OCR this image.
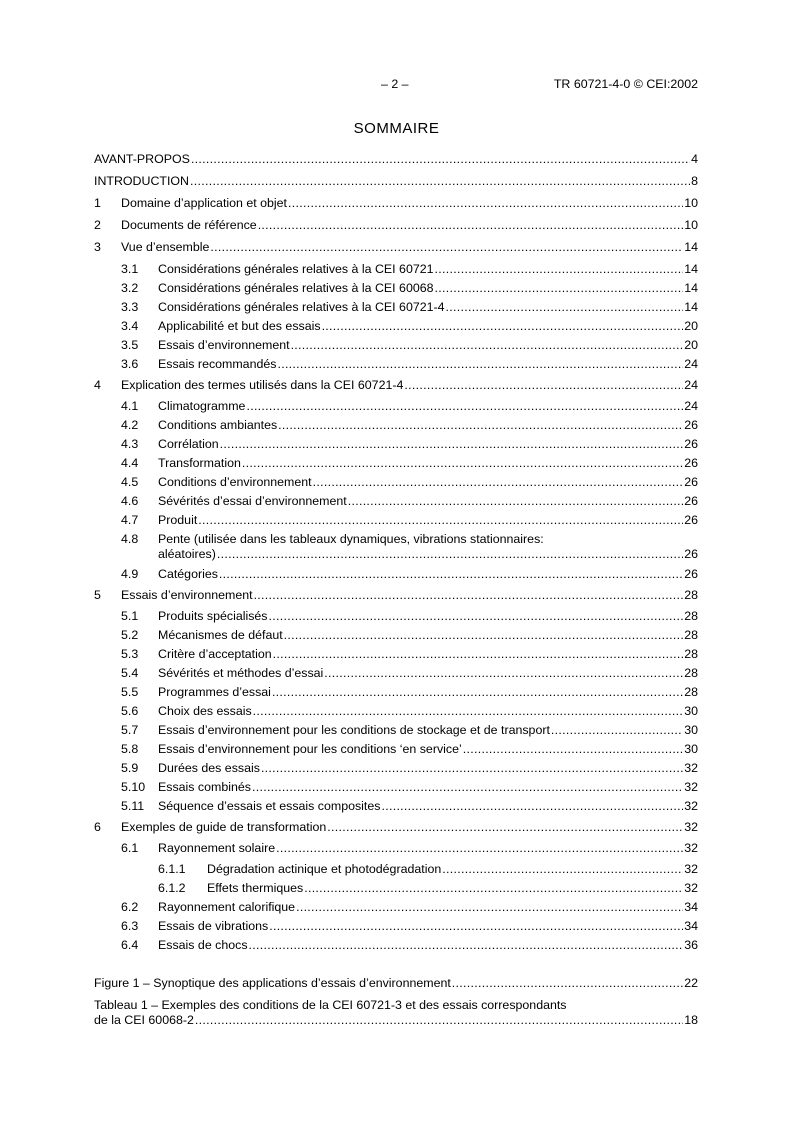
– 2 –	TR 60721-4-0 © CEI:2002
SOMMAIRE
AVANT-PROPOS .....	4
INTRODUCTION .....	8
1 Domaine d’application et objet .....	10
2 Documents de référence .....	10
3 Vue d’ensemble .....	14
3.1 Considérations générales relatives à la CEI 60721 .....	14
3.2 Considérations générales relatives à la CEI 60068 .....	14
3.3 Considérations générales relatives à la CEI 60721-4 .....	14
3.4 Applicabilité et but des essais .....	20
3.5 Essais d’environnement .....	20
3.6 Essais recommandés .....	24
4 Explication des termes utilisés dans la CEI 60721-4 .....	24
4.1 Climatogramme .....	24
4.2 Conditions ambiantes .....	26
4.3 Corrélation .....	26
4.4 Transformation .....	26
4.5 Conditions d’environnement .....	26
4.6 Sévérités d’essai d’environnement .....	26
4.7 Produit .....	26
4.8	Pente (utilisée dans les tableaux dynamiques, vibrations stationnaires:
aléatoires) .....	26
4.9 Catégories .....	26
5 Essais d’environnement .....	28
5.1 Produits spécialisés .....	28
5.2 Mécanismes de défaut .....	28
5.3 Critère d’acceptation .....	28
5.4 Sévérités et méthodes d’essai .....	28
5.5 Programmes d’essai .....	28
5.6 Choix des essais .....	30
5.7 Essais d’environnement pour les conditions de stockage et de transport .....	30
5.8 Essais d’environnement pour les conditions ‘en service’ .....	30
5.9 Durées des essais .....	32
5.10 Essais combinés .....	32
5.11 Séquence d’essais et essais composites .....	32
6 Exemples de guide de transformation .....	32
6.1 Rayonnement solaire .....	32
6.1.1 Dégradation actinique et photodégradation .....	32
6.1.2 Effets thermiques .....	32
6.2 Rayonnement calorifique .....	34
6.3 Essais de vibrations .....	34
6.4 Essais de chocs .....	36
Figure 1 – Synoptique des applications d’essais d’environnement .....	22
Tableau 1 – Exemples des conditions de la CEI 60721-3 et des essais correspondants
de la CEI 60068-2 .....	18
